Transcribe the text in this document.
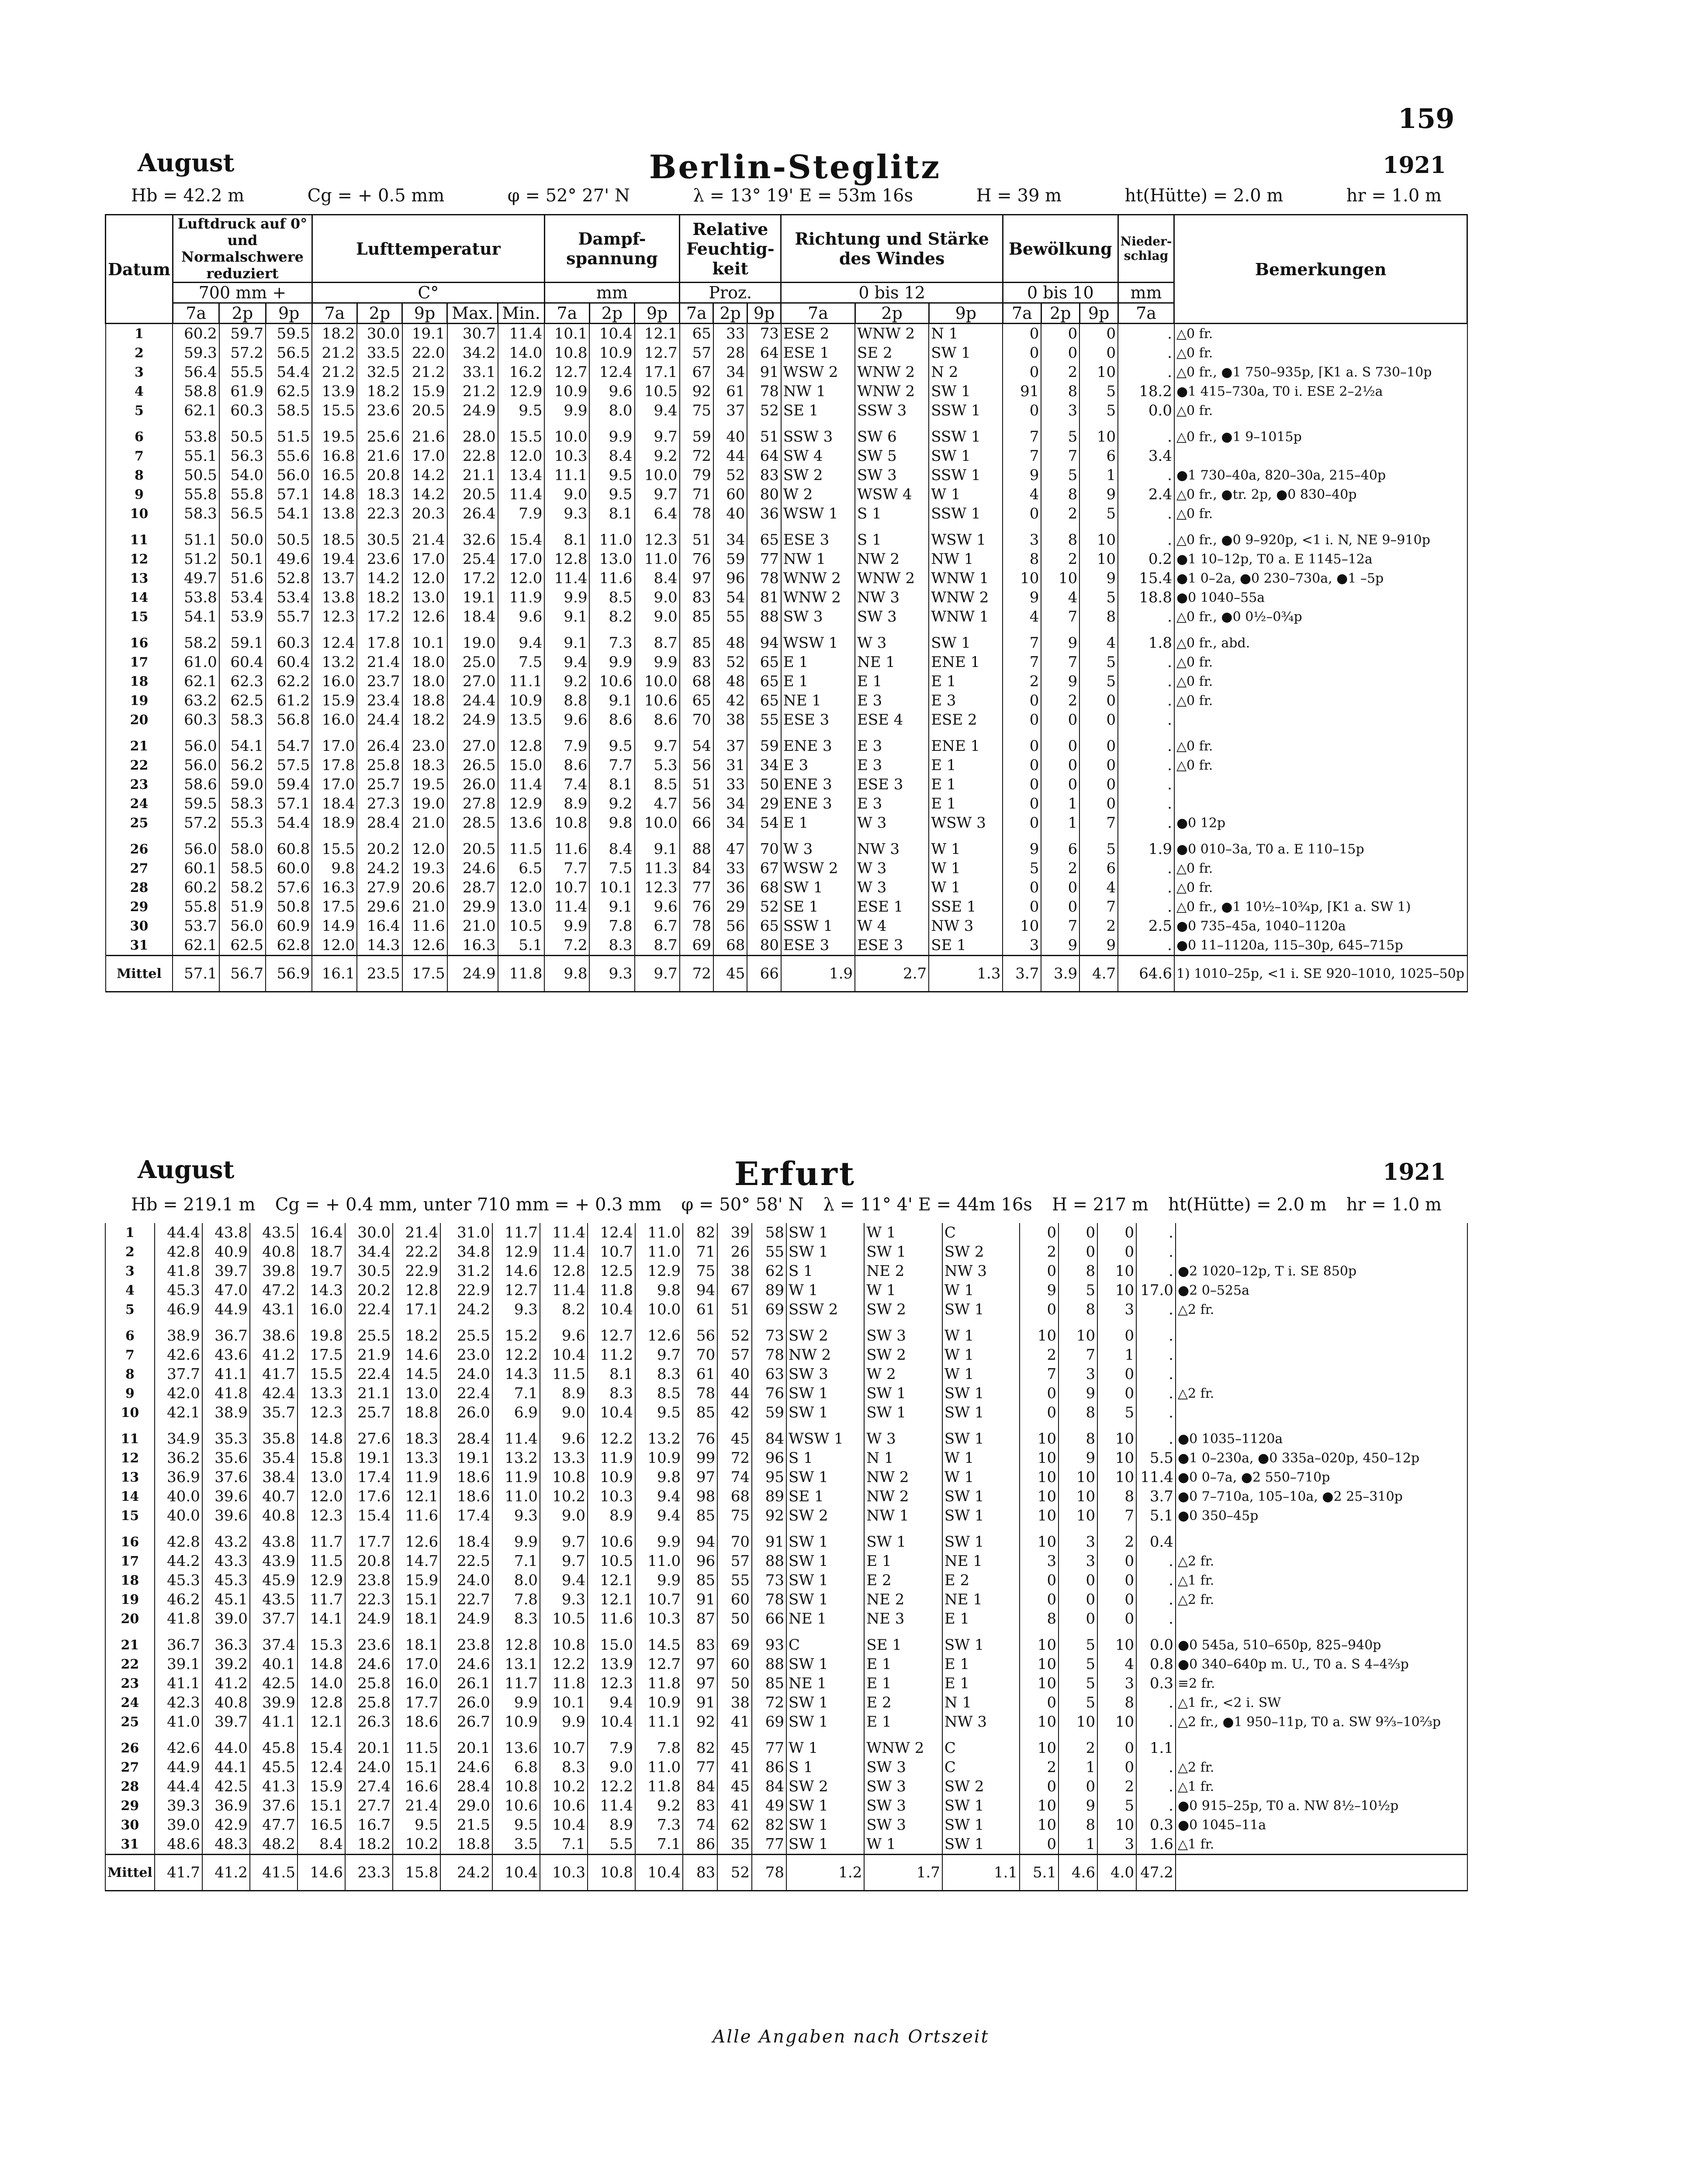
159
August	Berlin-Steglitz	1921
Hb = 42.2 m	Cg = + 0.5 mm	φ = 52° 27' N	λ = 13° 19' E = 53m 16s	H = 39 m	ht(Hütte) = 2.0 m	hr = 1.0 m
Datum	Luftdruck auf 0° und Normalschwere reduziert			Lufttemperatur					Dampf-spannung			Relative Feuchtig-keit			Richtung und Stärke des Windes			Bewölkung			Nieder-schlag	Bemerkungen
	700 mm +			C°					mm			Proz.			0 bis 12			0 bis 10			mm	
	7a	2p	9p	7a	2p	9p	Max.	Min.	7a	2p	9p	7a	2p	9p	7a	2p	9p	7a	2p	9p	7a	
1	60.2	59.7	59.5	18.2	30.0	19.1	30.7	11.4	10.1	10.4	12.1	65	33	73	ESE 2	WNW 2	N 1	0	0	0	.	△0 fr.
2	59.3	57.2	56.5	21.2	33.5	22.0	34.2	14.0	10.8	10.9	12.7	57	28	64	ESE 1	SE 2	SW 1	0	0	0	.	△0 fr.
3	56.4	55.5	54.4	21.2	32.5	21.2	33.1	16.2	12.7	12.4	17.1	67	34	91	WSW 2	WNW 2	N 2	0	2	10	.	△0 fr., ●1 750–935p, ⌈K1 a. S 730–10p
4	58.8	61.9	62.5	13.9	18.2	15.9	21.2	12.9	10.9	9.6	10.5	92	61	78	NW 1	WNW 2	SW 1	91	8	5	18.2	●1 415–730a, T0 i. ESE 2–2½a
5	62.1	60.3	58.5	15.5	23.6	20.5	24.9	9.5	9.9	8.0	9.4	75	37	52	SE 1	SSW 3	SSW 1	0	3	5	0.0	△0 fr.

6	53.8	50.5	51.5	19.5	25.6	21.6	28.0	15.5	10.0	9.9	9.7	59	40	51	SSW 3	SW 6	SSW 1	7	5	10	.	△0 fr., ●1 9–1015p
7	55.1	56.3	55.6	16.8	21.6	17.0	22.8	12.0	10.3	8.4	9.2	72	44	64	SW 4	SW 5	SW 1	7	7	6	3.4	
8	50.5	54.0	56.0	16.5	20.8	14.2	21.1	13.4	11.1	9.5	10.0	79	52	83	SW 2	SW 3	SSW 1	9	5	1	.	●1 730–40a, 820–30a, 215–40p
9	55.8	55.8	57.1	14.8	18.3	14.2	20.5	11.4	9.0	9.5	9.7	71	60	80	W 2	WSW 4	W 1	4	8	9	2.4	△0 fr., ●tr. 2p, ●0 830–40p
10	58.3	56.5	54.1	13.8	22.3	20.3	26.4	7.9	9.3	8.1	6.4	78	40	36	WSW 1	S 1	SSW 1	0	2	5	.	△0 fr.

11	51.1	50.0	50.5	18.5	30.5	21.4	32.6	15.4	8.1	11.0	12.3	51	34	65	ESE 3	S 1	WSW 1	3	8	10	.	△0 fr., ●0 9–920p, <1 i. N, NE 9–910p
12	51.2	50.1	49.6	19.4	23.6	17.0	25.4	17.0	12.8	13.0	11.0	76	59	77	NW 1	NW 2	NW 1	8	2	10	0.2	●1 10–12p, T0 a. E 1145–12a
13	49.7	51.6	52.8	13.7	14.2	12.0	17.2	12.0	11.4	11.6	8.4	97	96	78	WNW 2	WNW 2	WNW 1	10	10	9	15.4	●1 0–2a, ●0 230–730a, ●1 –5p
14	53.8	53.4	53.4	13.8	18.2	13.0	19.1	11.9	9.9	8.5	9.0	83	54	81	WNW 2	NW 3	WNW 2	9	4	5	18.8	●0 1040–55a
15	54.1	53.9	55.7	12.3	17.2	12.6	18.4	9.6	9.1	8.2	9.0	85	55	88	SW 3	SW 3	WNW 1	4	7	8	.	△0 fr., ●0 0½–0¾p

16	58.2	59.1	60.3	12.4	17.8	10.1	19.0	9.4	9.1	7.3	8.7	85	48	94	WSW 1	W 3	SW 1	7	9	4	1.8	△0 fr., abd.
17	61.0	60.4	60.4	13.2	21.4	18.0	25.0	7.5	9.4	9.9	9.9	83	52	65	E 1	NE 1	ENE 1	7	7	5	.	△0 fr.
18	62.1	62.3	62.2	16.0	23.7	18.0	27.0	11.1	9.2	10.6	10.0	68	48	65	E 1	E 1	E 1	2	9	5	.	△0 fr.
19	63.2	62.5	61.2	15.9	23.4	18.8	24.4	10.9	8.8	9.1	10.6	65	42	65	NE 1	E 3	E 3	0	2	0	.	△0 fr.
20	60.3	58.3	56.8	16.0	24.4	18.2	24.9	13.5	9.6	8.6	8.6	70	38	55	ESE 3	ESE 4	ESE 2	0	0	0	.	

21	56.0	54.1	54.7	17.0	26.4	23.0	27.0	12.8	7.9	9.5	9.7	54	37	59	ENE 3	E 3	ENE 1	0	0	0	.	△0 fr.
22	56.0	56.2	57.5	17.8	25.8	18.3	26.5	15.0	8.6	7.7	5.3	56	31	34	E 3	E 3	E 1	0	0	0	.	△0 fr.
23	58.6	59.0	59.4	17.0	25.7	19.5	26.0	11.4	7.4	8.1	8.5	51	33	50	ENE 3	ESE 3	E 1	0	0	0	.	
24	59.5	58.3	57.1	18.4	27.3	19.0	27.8	12.9	8.9	9.2	4.7	56	34	29	ENE 3	E 3	E 1	0	1	0	.	
25	57.2	55.3	54.4	18.9	28.4	21.0	28.5	13.6	10.8	9.8	10.0	66	34	54	E 1	W 3	WSW 3	0	1	7	.	●0 12p

26	56.0	58.0	60.8	15.5	20.2	12.0	20.5	11.5	11.6	8.4	9.1	88	47	70	W 3	NW 3	W 1	9	6	5	1.9	●0 010–3a, T0 a. E 110–15p
27	60.1	58.5	60.0	9.8	24.2	19.3	24.6	6.5	7.7	7.5	11.3	84	33	67	WSW 2	W 3	W 1	5	2	6	.	△0 fr.
28	60.2	58.2	57.6	16.3	27.9	20.6	28.7	12.0	10.7	10.1	12.3	77	36	68	SW 1	W 3	W 1	0	0	4	.	△0 fr.
29	55.8	51.9	50.8	17.5	29.6	21.0	29.9	13.0	11.4	9.1	9.6	76	29	52	SE 1	ESE 1	SSE 1	0	0	7	.	△0 fr., ●1 10½–10¾p, ⌈K1 a. SW 1)
30	53.7	56.0	60.9	14.9	16.4	11.6	21.0	10.5	9.9	7.8	6.7	78	56	65	SSW 1	W 4	NW 3	10	7	2	2.5	●0 735–45a, 1040–1120a
31	62.1	62.5	62.8	12.0	14.3	12.6	16.3	5.1	7.2	8.3	8.7	69	68	80	ESE 3	ESE 3	SE 1	3	9	9	.	●0 11–1120a, 115–30p, 645–715p
Mittel	57.1	56.7	56.9	16.1	23.5	17.5	24.9	11.8	9.8	9.3	9.7	72	45	66	1.9	2.7	1.3	3.7	3.9	4.7	64.6	1) 1010–25p, <1 i. SE 920–1010, 1025–50p
August	Erfurt	1921
Hb = 219.1 m Cg = + 0.4 mm, unter 710 mm = + 0.3 mm φ = 50° 58' N λ = 11° 4' E = 44m 16s H = 217 m ht(Hütte) = 2.0 m hr = 1.0 m
1	44.4	43.8	43.5	16.4	30.0	21.4	31.0	11.7	11.4	12.4	11.0	82	39	58	SW 1	W 1	C	0	0	0	.	
2	42.8	40.9	40.8	18.7	34.4	22.2	34.8	12.9	11.4	10.7	11.0	71	26	55	SW 1	SW 1	SW 2	2	0	0	.	
3	41.8	39.7	39.8	19.7	30.5	22.9	31.2	14.6	12.8	12.5	12.9	75	38	62	S 1	NE 2	NW 3	0	8	10	.	●2 1020–12p, T i. SE 850p
4	45.3	47.0	47.2	14.3	20.2	12.8	22.9	12.7	11.4	11.8	9.8	94	67	89	W 1	W 1	W 1	9	5	10	17.0	●2 0–525a
5	46.9	44.9	43.1	16.0	22.4	17.1	24.2	9.3	8.2	10.4	10.0	61	51	69	SSW 2	SW 2	SW 1	0	8	3	.	△2 fr.

6	38.9	36.7	38.6	19.8	25.5	18.2	25.5	15.2	9.6	12.7	12.6	56	52	73	SW 2	SW 3	W 1	10	10	0	.	
7	42.6	43.6	41.2	17.5	21.9	14.6	23.0	12.2	10.4	11.2	9.7	70	57	78	NW 2	SW 2	W 1	2	7	1	.	
8	37.7	41.1	41.7	15.5	22.4	14.5	24.0	14.3	11.5	8.1	8.3	61	40	63	SW 3	W 2	W 1	7	3	0	.	
9	42.0	41.8	42.4	13.3	21.1	13.0	22.4	7.1	8.9	8.3	8.5	78	44	76	SW 1	SW 1	SW 1	0	9	0	.	△2 fr.
10	42.1	38.9	35.7	12.3	25.7	18.8	26.0	6.9	9.0	10.4	9.5	85	42	59	SW 1	SW 1	SW 1	0	8	5	.	

11	34.9	35.3	35.8	14.8	27.6	18.3	28.4	11.4	9.6	12.2	13.2	76	45	84	WSW 1	W 3	SW 1	10	8	10	.	●0 1035–1120a
12	36.2	35.6	35.4	15.8	19.1	13.3	19.1	13.2	13.3	11.9	10.9	99	72	96	S 1	N 1	W 1	10	9	10	5.5	●1 0–230a, ●0 335a–020p, 450–12p
13	36.9	37.6	38.4	13.0	17.4	11.9	18.6	11.9	10.8	10.9	9.8	97	74	95	SW 1	NW 2	W 1	10	10	10	11.4	●0 0–7a, ●2 550–710p
14	40.0	39.6	40.7	12.0	17.6	12.1	18.6	11.0	10.2	10.3	9.4	98	68	89	SE 1	NW 2	SW 1	10	10	8	3.7	●0 7–710a, 105–10a, ●2 25–310p
15	40.0	39.6	40.8	12.3	15.4	11.6	17.4	9.3	9.0	8.9	9.4	85	75	92	SW 2	NW 1	SW 1	10	10	7	5.1	●0 350–45p

16	42.8	43.2	43.8	11.7	17.7	12.6	18.4	9.9	9.7	10.6	9.9	94	70	91	SW 1	SW 1	SW 1	10	3	2	0.4	
17	44.2	43.3	43.9	11.5	20.8	14.7	22.5	7.1	9.7	10.5	11.0	96	57	88	SW 1	E 1	NE 1	3	3	0	.	△2 fr.
18	45.3	45.3	45.9	12.9	23.8	15.9	24.0	8.0	9.4	12.1	9.9	85	55	73	SW 1	E 2	E 2	0	0	0	.	△1 fr.
19	46.2	45.1	43.5	11.7	22.3	15.1	22.7	7.8	9.3	12.1	10.7	91	60	78	SW 1	NE 2	NE 1	0	0	0	.	△2 fr.
20	41.8	39.0	37.7	14.1	24.9	18.1	24.9	8.3	10.5	11.6	10.3	87	50	66	NE 1	NE 3	E 1	8	0	0	.	

21	36.7	36.3	37.4	15.3	23.6	18.1	23.8	12.8	10.8	15.0	14.5	83	69	93	C	SE 1	SW 1	10	5	10	0.0	●0 545a, 510–650p, 825–940p
22	39.1	39.2	40.1	14.8	24.6	17.0	24.6	13.1	12.2	13.9	12.7	97	60	88	SW 1	E 1	E 1	10	5	4	0.8	●0 340–640p m. U., T0 a. S 4–4⅔p
23	41.1	41.2	42.5	14.0	25.8	16.0	26.1	11.7	11.8	12.3	11.8	97	50	85	NE 1	E 1	E 1	10	5	3	0.3	≡2 fr.
24	42.3	40.8	39.9	12.8	25.8	17.7	26.0	9.9	10.1	9.4	10.9	91	38	72	SW 1	E 2	N 1	0	5	8	.	△1 fr., <2 i. SW
25	41.0	39.7	41.1	12.1	26.3	18.6	26.7	10.9	9.9	10.4	11.1	92	41	69	SW 1	E 1	NW 3	10	10	10	.	△2 fr., ●1 950–11p, T0 a. SW 9⅔–10⅔p

26	42.6	44.0	45.8	15.4	20.1	11.5	20.1	13.6	10.7	7.9	7.8	82	45	77	W 1	WNW 2	C	10	2	0	1.1	
27	44.9	44.1	45.5	12.4	24.0	15.1	24.6	6.8	8.3	9.0	11.0	77	41	86	S 1	SW 3	C	2	1	0	.	△2 fr.
28	44.4	42.5	41.3	15.9	27.4	16.6	28.4	10.8	10.2	12.2	11.8	84	45	84	SW 2	SW 3	SW 2	0	0	2	.	△1 fr.
29	39.3	36.9	37.6	15.1	27.7	21.4	29.0	10.6	10.6	11.4	9.2	83	41	49	SW 1	SW 3	SW 1	10	9	5	.	●0 915–25p, T0 a. NW 8½–10½p
30	39.0	42.9	47.7	16.5	16.7	9.5	21.5	9.5	10.4	8.9	7.3	74	62	82	SW 1	SW 3	SW 1	10	8	10	0.3	●0 1045–11a
31	48.6	48.3	48.2	8.4	18.2	10.2	18.8	3.5	7.1	5.5	7.1	86	35	77	SW 1	W 1	SW 1	0	1	3	1.6	△1 fr.
Mittel	41.7	41.2	41.5	14.6	23.3	15.8	24.2	10.4	10.3	10.8	10.4	83	52	78	1.2	1.7	1.1	5.1	4.6	4.0	47.2	
Alle Angaben nach Ortszeit
